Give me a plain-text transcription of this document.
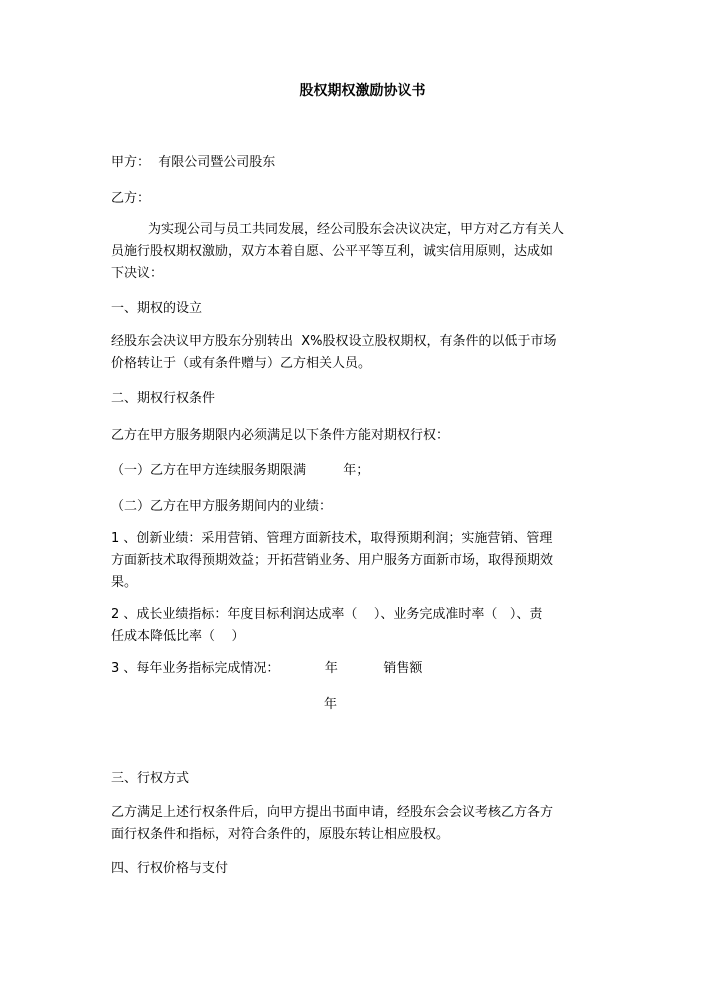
股权期权激励协议书
甲方：  有限公司暨公司股东
乙方：
为实现公司与员工共同发展，经公司股东会决议决定，甲方对乙方有关人
员施行股权期权激励，双方本着自愿、公平平等互利，诚实信用原则，达成如
下决议：
一、期权的设立
经股东会决议甲方股东分别转出  X%股权设立股权期权，有条件的以低于市场
价格转让于（或有条件赠与）乙方相关人员。
二、期权行权条件
乙方在甲方服务期限内必须满足以下条件方能对期权行权：
（一）乙方在甲方连续服务期限满         年；
（二）乙方在甲方服务期间内的业绩：
1 、创新业绩：采用营销、管理方面新技术，取得预期利润；实施营销、管理
方面新技术取得预期效益；开拓营销业务、用户服务方面新市场，取得预期效
果。
2 、成长业绩指标：年度目标利润达成率（    ）、业务完成准时率（   ）、责
任成本降低比率（    ）
3 、每年业务指标完成情况：           年           销售额
年
三、行权方式
乙方满足上述行权条件后，向甲方提出书面申请，经股东会会议考核乙方各方
面行权条件和指标，对符合条件的，原股东转让相应股权。
四、行权价格与支付
